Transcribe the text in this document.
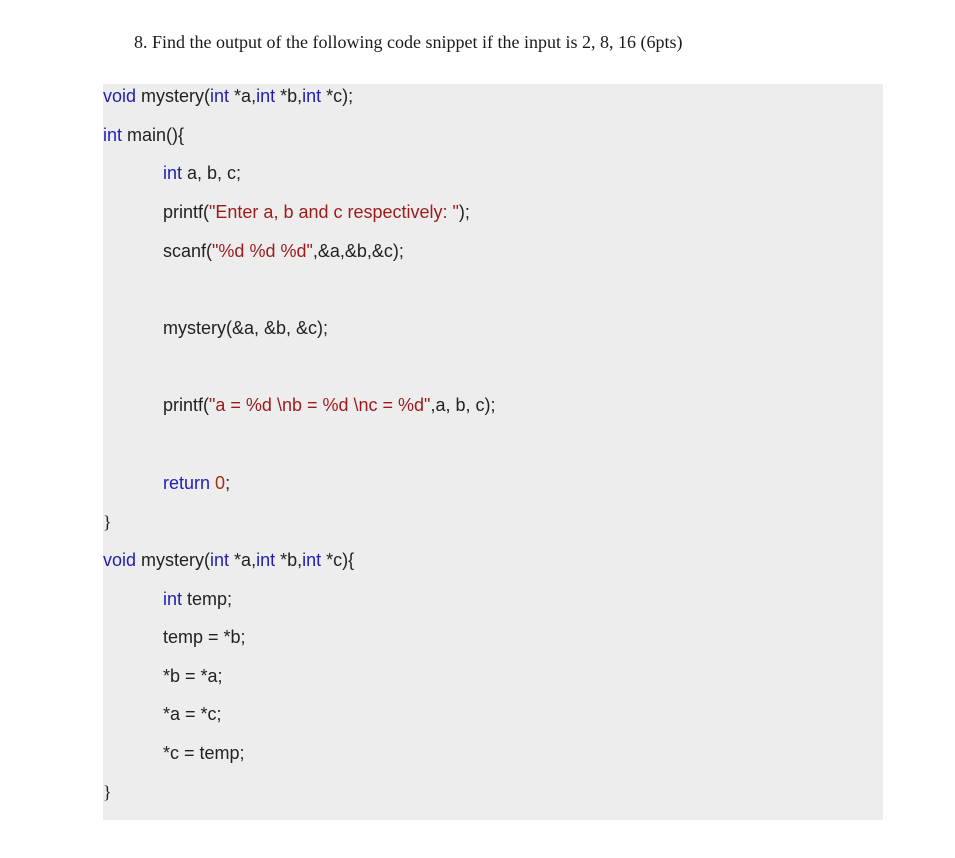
8. Find the output of the following code snippet if the input is 2, 8, 16 (6pts)
void mystery(int *a,int *b,int *c);
int main(){
int a, b, c;
printf("Enter a, b and c respectively: ");
scanf("%d %d %d",&a,&b,&c);
mystery(&a, &b, &c);
printf("a = %d \nb = %d \nc = %d",a, b, c);
return 0;
}
void mystery(int *a,int *b,int *c){
int temp;
temp = *b;
*b = *a;
*a = *c;
*c = temp;
}
